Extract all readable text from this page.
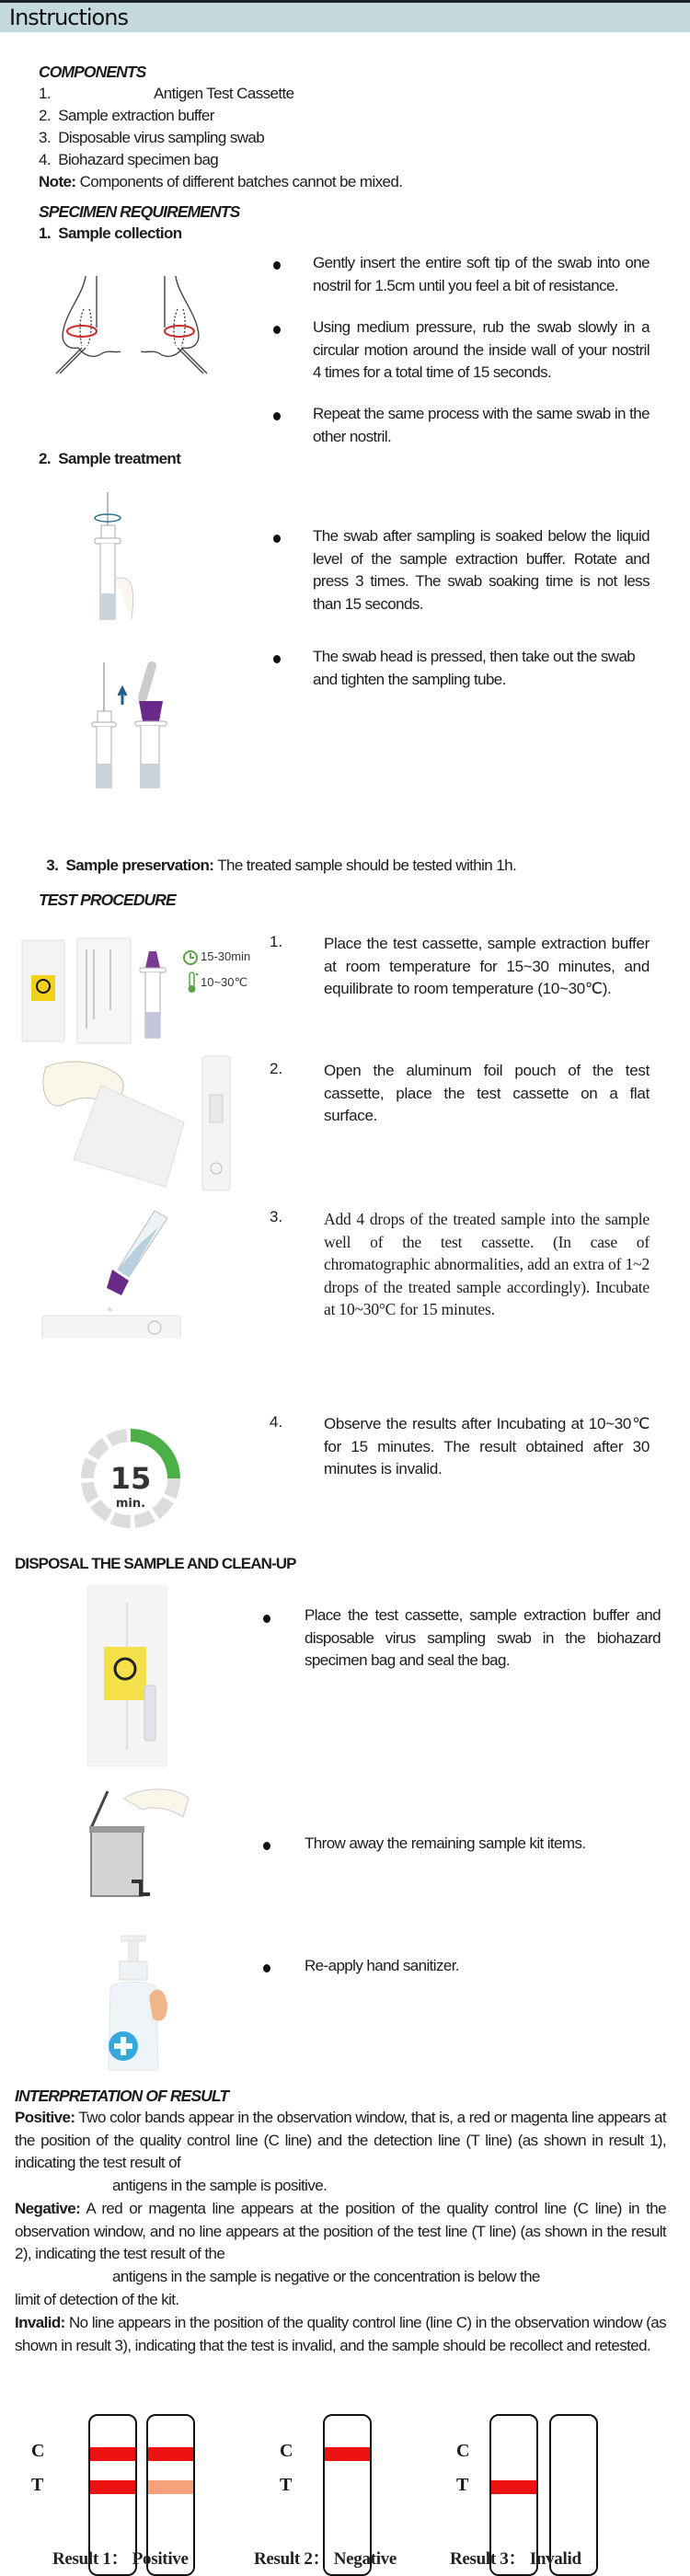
Instructions
COMPONENTS
1.	Antigen Test Cassette
2. Sample extraction buffer
3. Disposable virus sampling swab
4. Biohazard specimen bag
Note: Components of different batches cannot be mixed.
SPECIMEN REQUIREMENTS
1.  Sample collection
Gently insert the entire soft tip of the swab into one nostril for 1.5cm until you feel a bit of resistance.
Using medium pressure, rub the swab slowly in a circular motion around the inside wall of your nostril 4 times for a total time of 15 seconds.
Repeat the same process with the same swab in the other nostril.
2.  Sample treatment
The swab after sampling is soaked below the liquid level of the sample extraction buffer. Rotate and press 3 times. The swab soaking time is not less than 15 seconds.
The swab head is pressed, then take out the swab and tighten the sampling tube.

3.  Sample preservation: The treated sample should be tested within 1h.

TEST PROCEDURE
15-30min
10~30℃
1.	Place the test cassette, sample extraction buffer at room temperature for 15~30 minutes, and equilibrate to room temperature (10~30℃).
2.	Open the aluminum foil pouch of the test cassette, place the test cassette on a flat surface.
3.	Add 4 drops of the treated sample into the sample well of the test cassette. (In case of chromatographic abnormalities, add an extra of 1~2 drops of the treated sample accordingly). Incubate at 10~30°C for 15 minutes.
15
min.
4.	Observe the results after Incubating at 10~30℃ for 15 minutes. The result obtained after 30 minutes is invalid.
DISPOSAL THE SAMPLE AND CLEAN-UP
Place the test cassette, sample extraction buffer and disposable virus sampling swab in the biohazard specimen bag and seal the bag.
Throw away the remaining sample kit items.
Re-apply hand sanitizer.
INTERPRETATION OF RESULT
Positive: Two color bands appear in the observation window, that is, a red or magenta line appears at the position of the quality control line (C line) and the detection line (T line) (as shown in result 1), indicating the test result of
antigens in the sample is positive.
Negative: A red or magenta line appears at the position of the quality control line (C line) in the observation window, and no line appears at the position of the test line (T line) (as shown in the result 2), indicating the test result of the
antigens in the sample is negative or the concentration is below the
limit of detection of the kit.
Invalid: No line appears in the position of the quality control line (line C) in the observation window (as shown in result 3), indicating that the test is invalid, and the sample should be recollect and retested.
C
T
Result 1： Positive
C
T
Result 2： Negative
C
T
Result 3： Invalid
